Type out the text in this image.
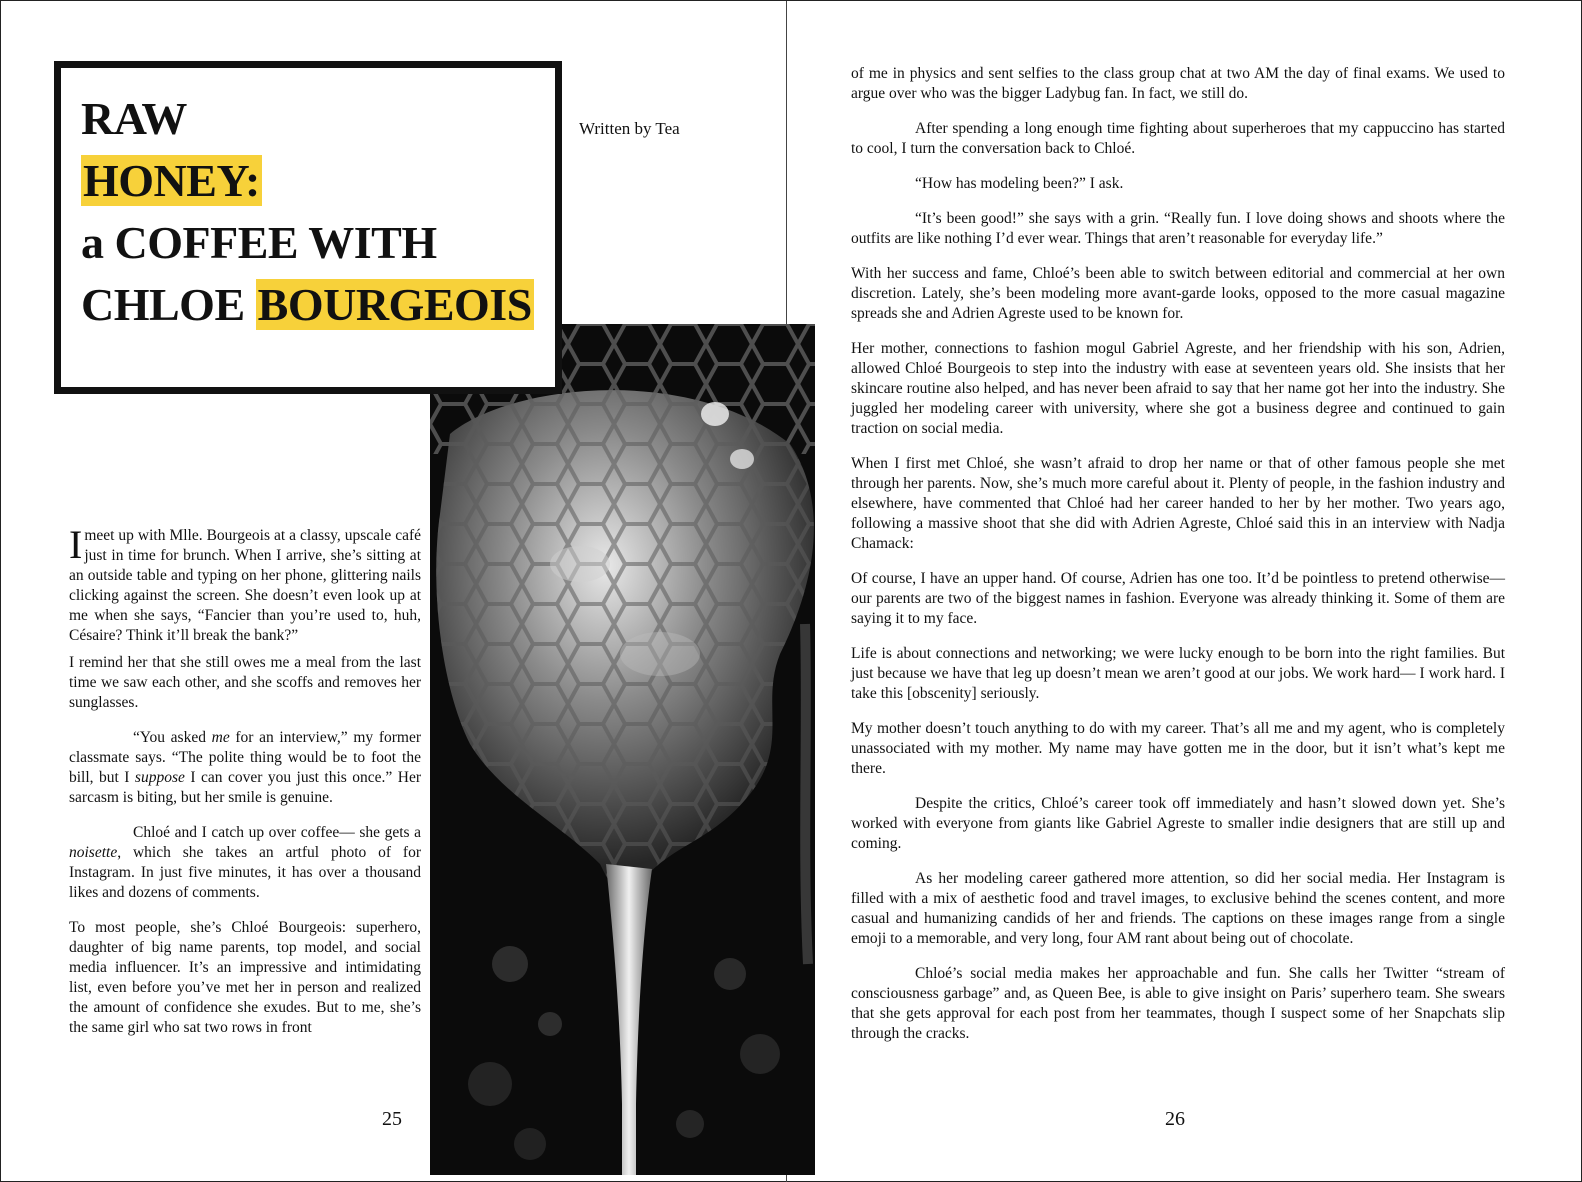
RAW
HONEY:
a COFFEE WITH
CHLOE BOURGEOIS
Written by Tea

Imeet up with Mlle. Bourgeois at a classy, upscale café just in time for brunch. When I arrive, she’s sitting at an outside table and typing on her phone, glittering nails clicking against the screen. She doesn’t even look up at me when she says, “Fancier than you’re used to, huh, Césaire? Think it’ll break the bank?”

I remind her that she still owes me a meal from the last time we saw each other, and she scoffs and removes her sunglasses.

“You asked me for an interview,” my former classmate says. “The polite thing would be to foot the bill, but I suppose I can cover you just this once.” Her sarcasm is biting, but her smile is genuine.

Chloé and I catch up over coffee— she gets a noisette, which she takes an artful photo of for Instagram. In just five minutes, it has over a thousand likes and dozens of comments.

To most people, she’s Chloé Bourgeois: superhero, daughter of big name parents, top model, and social media influencer. It’s an impressive and intimidating list, even before you’ve met her in person and realized the amount of confidence she exudes. But to me, she’s the same girl who sat two rows in front

25

of me in physics and sent selfies to the class group chat at two AM the day of final exams. We used to argue over who was the bigger Ladybug fan. In fact, we still do.

After spending a long enough time fighting about superheroes that my cappuccino has started to cool, I turn the conversation back to Chloé.

“How has modeling been?” I ask.

“It’s been good!” she says with a grin. “Really fun. I love doing shows and shoots where the outfits are like nothing I’d ever wear. Things that aren’t reasonable for everyday life.”

With her success and fame, Chloé’s been able to switch between editorial and commercial at her own discretion. Lately, she’s been modeling more avant-garde looks, opposed to the more casual magazine spreads she and Adrien Agreste used to be known for.

Her mother, connections to fashion mogul Gabriel Agreste, and her friendship with his son, Adrien, allowed Chloé Bourgeois to step into the industry with ease at seventeen years old. She insists that her skincare routine also helped, and has never been afraid to say that her name got her into the industry. She juggled her modeling career with university, where she got a business degree and continued to gain traction on social media.

When I first met Chloé, she wasn’t afraid to drop her name or that of other famous people she met through her parents. Now, she’s much more careful about it. Plenty of people, in the fashion industry and elsewhere, have commented that Chloé had her career handed to her by her mother. Two years ago, following a massive shoot that she did with Adrien Agreste, Chloé said this in an interview with Nadja Chamack:

Of course, I have an upper hand. Of course, Adrien has one too. It’d be pointless to pretend otherwise— our parents are two of the biggest names in fashion. Everyone was already thinking it. Some of them are saying it to my face.

Life is about connections and networking; we were lucky enough to be born into the right families. But just because we have that leg up doesn’t mean we aren’t good at our jobs. We work hard— I work hard. I take this [obscenity] seriously.

My mother doesn’t touch anything to do with my career. That’s all me and my agent, who is completely unassociated with my mother. My name may have gotten me in the door, but it isn’t what’s kept me there.

Despite the critics, Chloé’s career took off immediately and hasn’t slowed down yet. She’s worked with everyone from giants like Gabriel Agreste to smaller indie designers that are still up and coming.

As her modeling career gathered more attention, so did her social media. Her Instagram is filled with a mix of aesthetic food and travel images, to exclusive behind the scenes content, and more casual and humanizing candids of her and friends. The captions on these images range from a single emoji to a memorable, and very long, four AM rant about being out of chocolate.

Chloé’s social media makes her approachable and fun. She calls her Twitter “stream of consciousness garbage” and, as Queen Bee, is able to give insight on Paris’ superhero team. She swears that she gets approval for each post from her teammates, though I suspect some of her Snapchats slip through the cracks.

26
